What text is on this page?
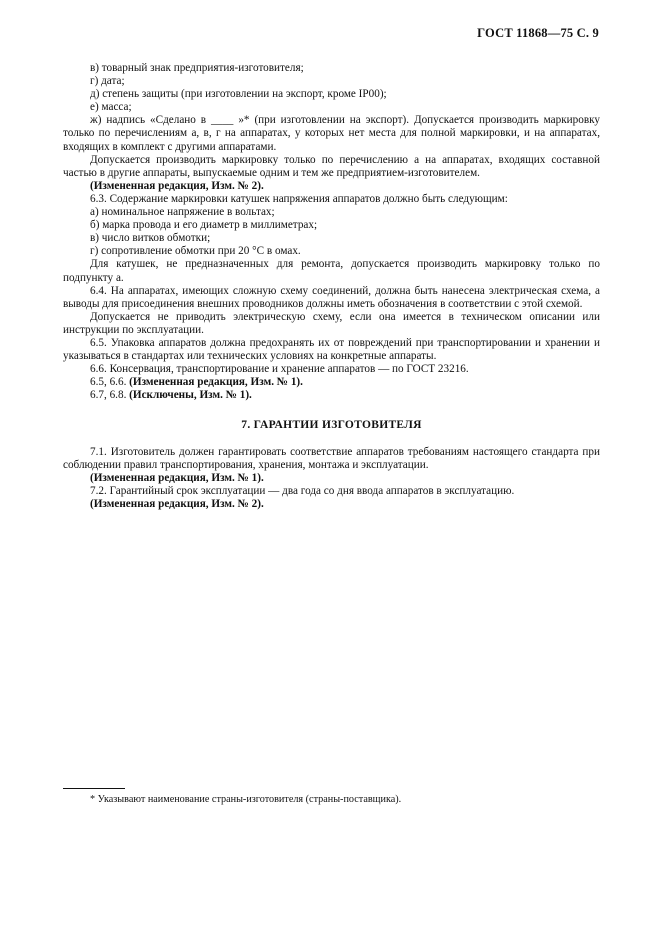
ГОСТ 11868—75 С. 9

в) товарный знак предприятия-изготовителя;

г) дата;

д) степень защиты (при изготовлении на экспорт, кроме IP00);

е) масса;

ж) надпись «Сделано в ____ »* (при изготовлении на экспорт). Допускается производить маркировку только по перечислениям а, в, г на аппаратах, у которых нет места для полной маркировки, и на аппаратах, входящих в комплект с другими аппаратами.

Допускается производить маркировку только по перечислению а на аппаратах, входящих составной частью в другие аппараты, выпускаемые одним и тем же предприятием-изготовителем.

(Измененная редакция, Изм. № 2).

6.3. Содержание маркировки катушек напряжения аппаратов должно быть следующим:

а) номинальное напряжение в вольтах;

б) марка провода и его диаметр в миллиметрах;

в) число витков обмотки;

г) сопротивление обмотки при 20 °С в омах.

Для катушек, не предназначенных для ремонта, допускается производить маркировку только по подпункту а.

6.4. На аппаратах, имеющих сложную схему соединений, должна быть нанесена электрическая схема, а выводы для присоединения внешних проводников должны иметь обозначения в соответствии с этой схемой.

Допускается не приводить электрическую схему, если она имеется в техническом описании или инструкции по эксплуатации.

6.5. Упаковка аппаратов должна предохранять их от повреждений при транспортировании и хранении и указываться в стандартах или технических условиях на конкретные аппараты.

6.6. Консервация, транспортирование и хранение аппаратов — по ГОСТ 23216.

6.5, 6.6. (Измененная редакция, Изм. № 1).

6.7, 6.8. (Исключены, Изм. № 1).

7. ГАРАНТИИ ИЗГОТОВИТЕЛЯ

7.1. Изготовитель должен гарантировать соответствие аппаратов требованиям настоящего стандарта при соблюдении правил транспортирования, хранения, монтажа и эксплуатации.

(Измененная редакция, Изм. № 1).

7.2. Гарантийный срок эксплуатации — два года со дня ввода аппаратов в эксплуатацию.

(Измененная редакция, Изм. № 2).

* Указывают наименование страны-изготовителя (страны-поставщика).
